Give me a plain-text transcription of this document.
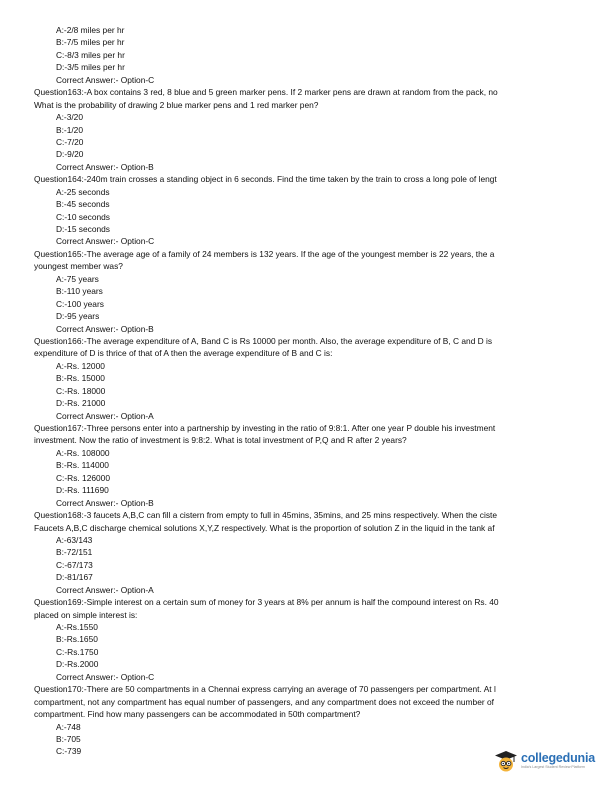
A:-2/8 miles per hr
B:-7/5 miles per hr
C:-8/3 miles per hr
D:-3/5 miles per hr
Correct Answer:- Option-C
Question163:-A box contains 3 red, 8 blue and 5 green marker pens. If 2 marker pens are drawn at random from the pack, no
What is the probability of drawing 2 blue marker pens and 1 red marker pen?
A:-3/20
B:-1/20
C:-7/20
D:-9/20
Correct Answer:- Option-B
Question164:-240m train crosses a standing object in 6 seconds. Find the time taken by the train to cross a long pole of lengt
A:-25 seconds
B:-45 seconds
C:-10 seconds
D:-15 seconds
Correct Answer:- Option-C
Question165:-The average age of a family of 24 members is 132 years. If the age of the youngest member is 22 years, the a
youngest member was?
A:-75 years
B:-110 years
C:-100 years
D:-95 years
Correct Answer:- Option-B
Question166:-The average expenditure of A, Band C is Rs 10000 per month. Also, the average expenditure of B, C and D is
expenditure of D is thrice of that of A then the average expenditure of B and C is:
A:-Rs. 12000
B:-Rs. 15000
C:-Rs. 18000
D:-Rs. 21000
Correct Answer:- Option-A
Question167:-Three persons enter into a partnership by investing in the ratio of 9:8:1. After one year P double his investment
investment. Now the ratio of investment is 9:8:2. What is total investment of P,Q and R after 2 years?
A:-Rs. 108000
B:-Rs. 114000
C:-Rs. 126000
D:-Rs. 111690
Correct Answer:- Option-B
Question168:-3 faucets A,B,C can fill a cistern from empty to full in 45mins, 35mins, and 25 mins respectively. When the ciste
Faucets A,B,C discharge chemical solutions X,Y,Z respectively. What is the proportion of solution Z in the liquid in the tank af
A:-63/143
B:-72/151
C:-67/173
D:-81/167
Correct Answer:- Option-A
Question169:-Simple interest on a certain sum of money for 3 years at 8% per annum is half the compound interest on Rs. 40
placed on simple interest is:
A:-Rs.1550
B:-Rs.1650
C:-Rs.1750
D:-Rs.2000
Correct Answer:- Option-C
Question170:-There are 50 compartments in a Chennai express carrying an average of 70 passengers per compartment. At l
compartment, not any compartment has equal number of passengers, and any compartment does not exceed the number of
compartment. Find how many passengers can be accommodated in 50th compartment?
A:-748
B:-705
C:-739	collegedunia
India's Largest Student Review Platform
